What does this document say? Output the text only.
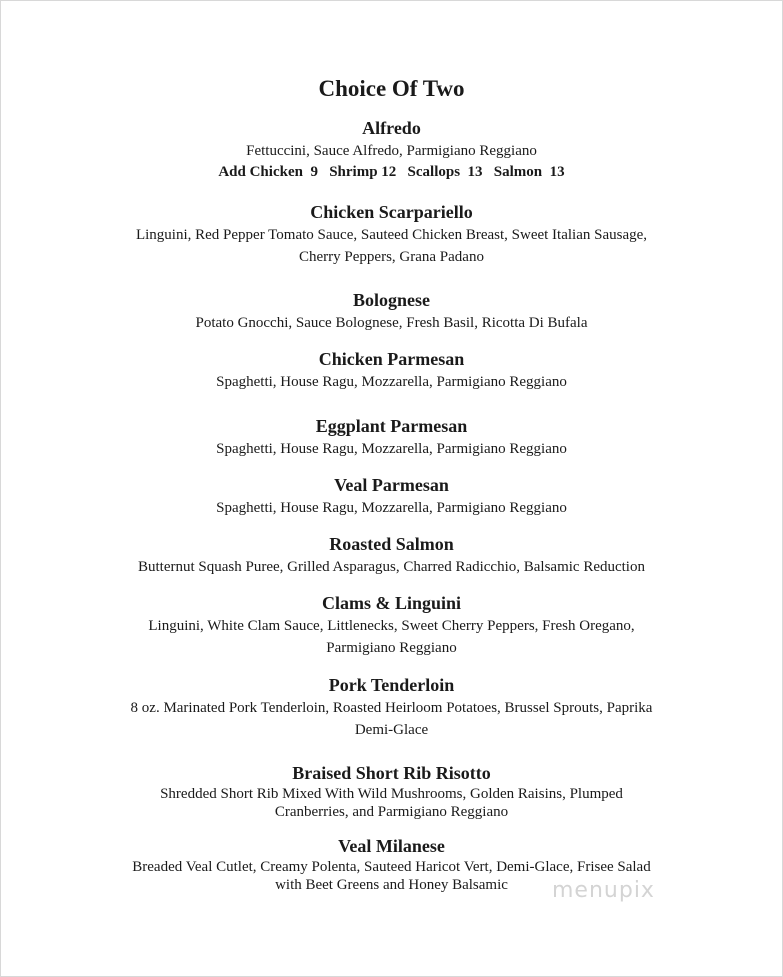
Choice Of Two
Alfredo
Fettuccini, Sauce Alfredo, Parmigiano Reggiano
Add Chicken  9   Shrimp 12   Scallops  13   Salmon  13
Chicken Scarpariello
Linguini, Red Pepper Tomato Sauce, Sauteed Chicken Breast, Sweet Italian Sausage,
Cherry Peppers, Grana Padano
Bolognese
Potato Gnocchi, Sauce Bolognese, Fresh Basil, Ricotta Di Bufala
Chicken Parmesan
Spaghetti, House Ragu, Mozzarella, Parmigiano Reggiano
Eggplant Parmesan
Spaghetti, House Ragu, Mozzarella, Parmigiano Reggiano
Veal Parmesan
Spaghetti, House Ragu, Mozzarella, Parmigiano Reggiano
Roasted Salmon
Butternut Squash Puree, Grilled Asparagus, Charred Radicchio, Balsamic Reduction
Clams & Linguini
Linguini, White Clam Sauce, Littlenecks, Sweet Cherry Peppers, Fresh Oregano,
Parmigiano Reggiano
Pork Tenderloin
8 oz. Marinated Pork Tenderloin, Roasted Heirloom Potatoes, Brussel Sprouts, Paprika
Demi-Glace
Braised Short Rib Risotto
Shredded Short Rib Mixed With Wild Mushrooms, Golden Raisins, Plumped
Cranberries, and Parmigiano Reggiano
Veal Milanese
Breaded Veal Cutlet, Creamy Polenta, Sauteed Haricot Vert, Demi-Glace, Frisee Salad
with Beet Greens and Honey Balsamic	menupix
